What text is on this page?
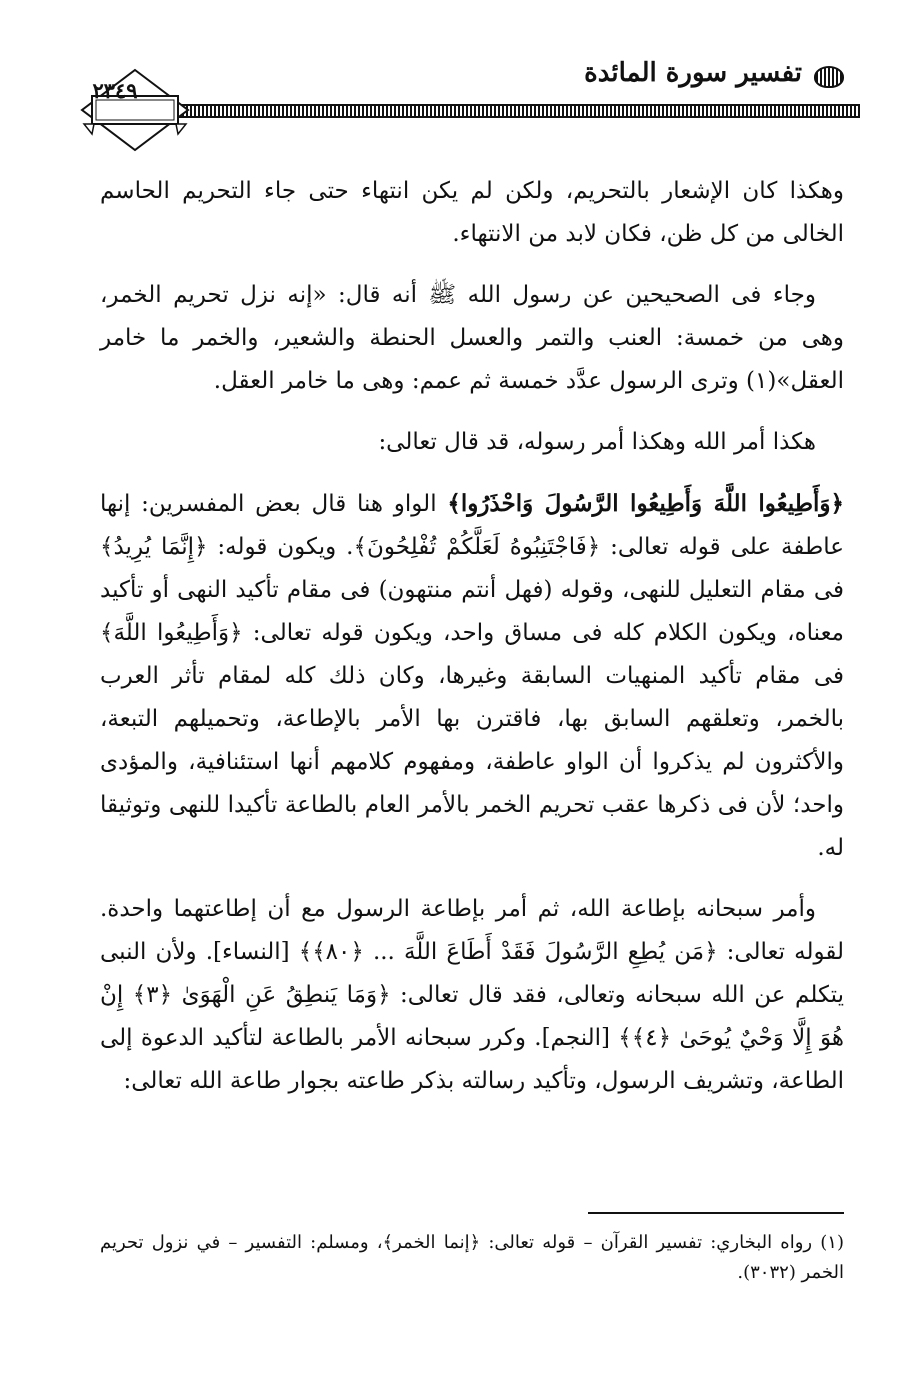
تفسير سورة المائدة
٢٣٤٩

وهكذا كان الإشعار بالتحريم، ولكن لم يكن انتهاء حتى جاء التحريم الحاسم الخالى من كل ظن، فكان لابد من الانتهاء.

وجاء فى الصحيحين عن رسول الله ﷺ أنه قال: «إنه نزل تحريم الخمر، وهى من خمسة: العنب والتمر والعسل الحنطة والشعير، والخمر ما خامر العقل»(١) وترى الرسول عدَّد خمسة ثم عمم: وهى ما خامر العقل.

هكذا أمر الله وهكذا أمر رسوله، قد قال تعالى:

﴿وَأَطِيعُوا اللَّهَ وَأَطِيعُوا الرَّسُولَ وَاحْذَرُوا﴾ الواو هنا قال بعض المفسرين: إنها عاطفة على قوله تعالى: ﴿فَاجْتَنِبُوهُ لَعَلَّكُمْ تُفْلِحُونَ﴾. ويكون قوله: ﴿إِنَّمَا يُرِيدُ﴾ فى مقام التعليل للنهى، وقوله (فهل أنتم منتهون) فى مقام تأكيد النهى أو تأكيد معناه، ويكون الكلام كله فى مساق واحد، ويكون قوله تعالى: ﴿وَأَطِيعُوا اللَّهَ﴾ فى مقام تأكيد المنهيات السابقة وغيرها، وكان ذلك كله لمقام تأثر العرب بالخمر، وتعلقهم السابق بها، فاقترن بها الأمر بالإطاعة، وتحميلهم التبعة، والأكثرون لم يذكروا أن الواو عاطفة، ومفهوم كلامهم أنها استئنافية، والمؤدى واحد؛ لأن فى ذكرها عقب تحريم الخمر بالأمر العام بالطاعة تأكيدا للنهى وتوثيقا له.

وأمر سبحانه بإطاعة الله، ثم أمر بإطاعة الرسول مع أن إطاعتهما واحدة. لقوله تعالى: ﴿مَن يُطِعِ الرَّسُولَ فَقَدْ أَطَاعَ اللَّهَ ... ﴿٨٠﴾﴾ [النساء]. ولأن النبى يتكلم عن الله سبحانه وتعالى، فقد قال تعالى: ﴿وَمَا يَنطِقُ عَنِ الْهَوَىٰ ﴿٣﴾ إِنْ هُوَ إِلَّا وَحْيٌ يُوحَىٰ ﴿٤﴾﴾ [النجم]. وكرر سبحانه الأمر بالطاعة لتأكيد الدعوة إلى الطاعة، وتشريف الرسول، وتأكيد رسالته بذكر طاعته بجوار طاعة الله تعالى:

(١) رواه البخاري: تفسير القرآن – قوله تعالى: ﴿إنما الخمر﴾، ومسلم: التفسير – في نزول تحريم الخمر (٣٠٣٢).
